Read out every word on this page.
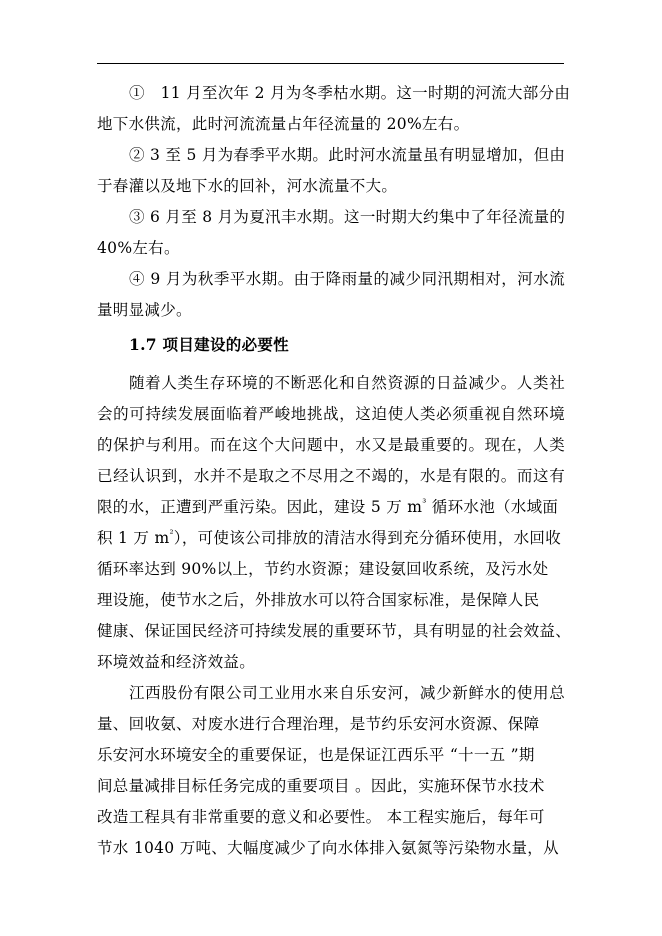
①　11 月至次年 2 月为冬季枯水期。这一时期的河流大部分由
地下水供流，此时河流流量占年径流量的 20%左右。
② 3 至 5 月为春季平水期。此时河水流量虽有明显增加，但由
于春灌以及地下水的回补，河水流量不大。
③ 6 月至 8 月为夏汛丰水期。这一时期大约集中了年径流量的
40%左右。
④ 9 月为秋季平水期。由于降雨量的减少同汛期相对，河水流
量明显减少。
1.7 项目建设的必要性
随着人类生存环境的不断恶化和自然资源的日益减少。人类社
会的可持续发展面临着严峻地挑战，这迫使人类必须重视自然环境
的保护与利用。而在这个大问题中，水又是最重要的。现在，人类
已经认识到，水并不是取之不尽用之不竭的，水是有限的。而这有
限的水，正遭到严重污染。因此，建设 5 万 $m^{^3}$ 循环水池（水域面
积 1 万 $m^{^2}$），可使该公司排放的清洁水得到充分循环使用，水回收
循环率达到 90%以上，节约水资源；建设氨回收系统，及污水处
理设施，使节水之后，外排放水可以符合国家标准，是保障人民
健康、保证国民经济可持续发展的重要环节，具有明显的社会效益、
环境效益和经济效益。
江西股份有限公司工业用水来自乐安河，减少新鲜水的使用总
量、回收氨、对废水进行合理治理，是节约乐安河水资源、保障
乐安河水环境安全的重要保证，也是保证江西乐平 “十一五 ”期
间总量减排目标任务完成的重要项目 。因此，实施环保节水技术
改造工程具有非常重要的意义和必要性。 本工程实施后，每年可
节水 1040 万吨、大幅度减少了向水体排入氨氮等污染物水量，从
